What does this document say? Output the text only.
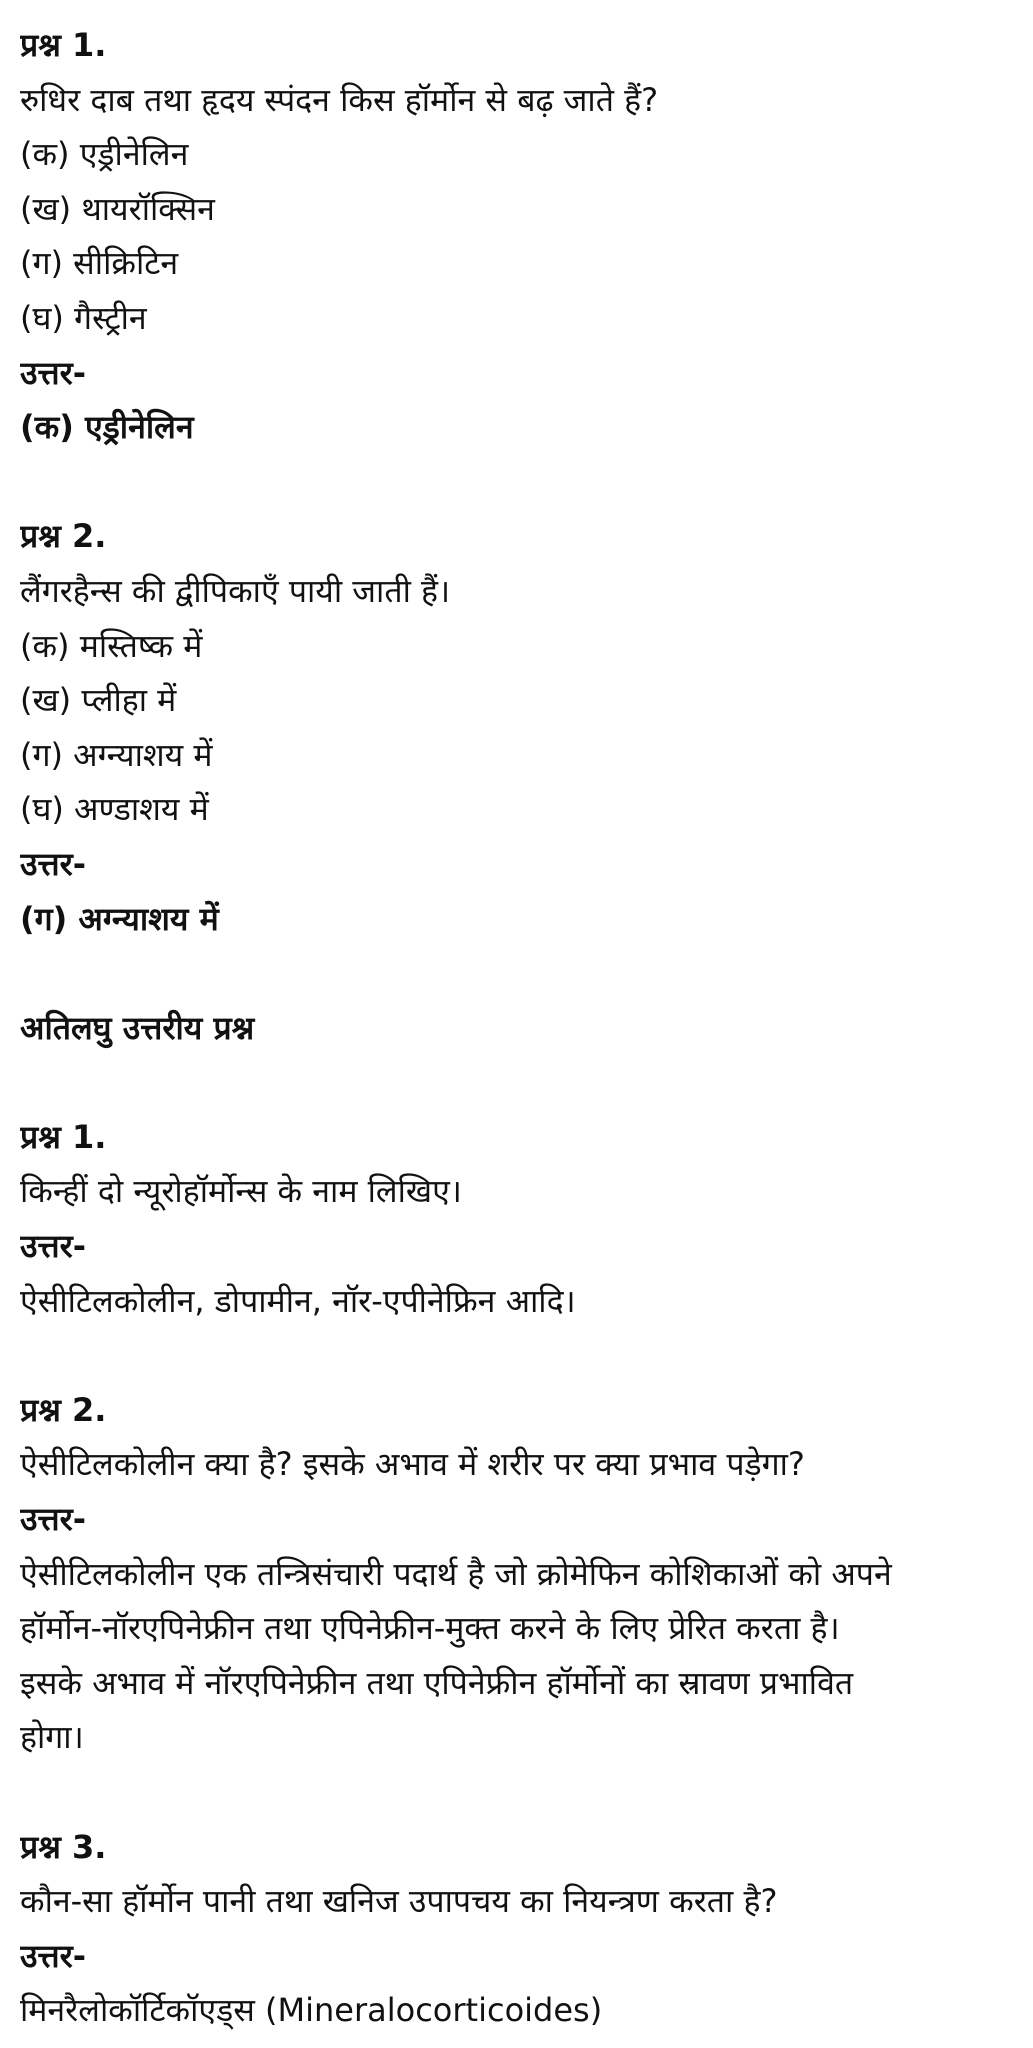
प्रश्न 1.
रुधिर दाब तथा हृदय स्पंदन किस हॉर्मोन से बढ़ जाते हैं?
(क) एड्रीनेलिन
(ख) थायरॉक्सिन
(ग) सीक्रिटिन
(घ) गैस्ट्रीन
उत्तर-
(क) एड्रीनेलिन
प्रश्न 2.
लैंगरहैन्स की द्वीपिकाएँ पायी जाती हैं।
(क) मस्तिष्क में
(ख) प्लीहा में
(ग) अग्न्याशय में
(घ) अण्डाशय में
उत्तर-
(ग) अग्न्याशय में
अतिलघु उत्तरीय प्रश्न
प्रश्न 1.
किन्हीं दो न्यूरोहॉर्मोन्स के नाम लिखिए।
उत्तर-
ऐसीटिलकोलीन, डोपामीन, नॉर-एपीनेफ्रिन आदि।
प्रश्न 2.
ऐसीटिलकोलीन क्या है? इसके अभाव में शरीर पर क्या प्रभाव पड़ेगा?
उत्तर-
ऐसीटिलकोलीन एक तन्त्रिसंचारी पदार्थ है जो क्रोमेफिन कोशिकाओं को अपने
हॉर्मोन-नॉरएपिनेफ्रीन तथा एपिनेफ्रीन-मुक्त करने के लिए प्रेरित करता है।
इसके अभाव में नॉरएपिनेफ्रीन तथा एपिनेफ्रीन हॉर्मोनों का स्रावण प्रभावित
होगा।
प्रश्न 3.
कौन-सा हॉर्मोन पानी तथा खनिज उपापचय का नियन्त्रण करता है?
उत्तर-
मिनरैलोकॉर्टिकॉएड्स (Mineralocorticoides)
